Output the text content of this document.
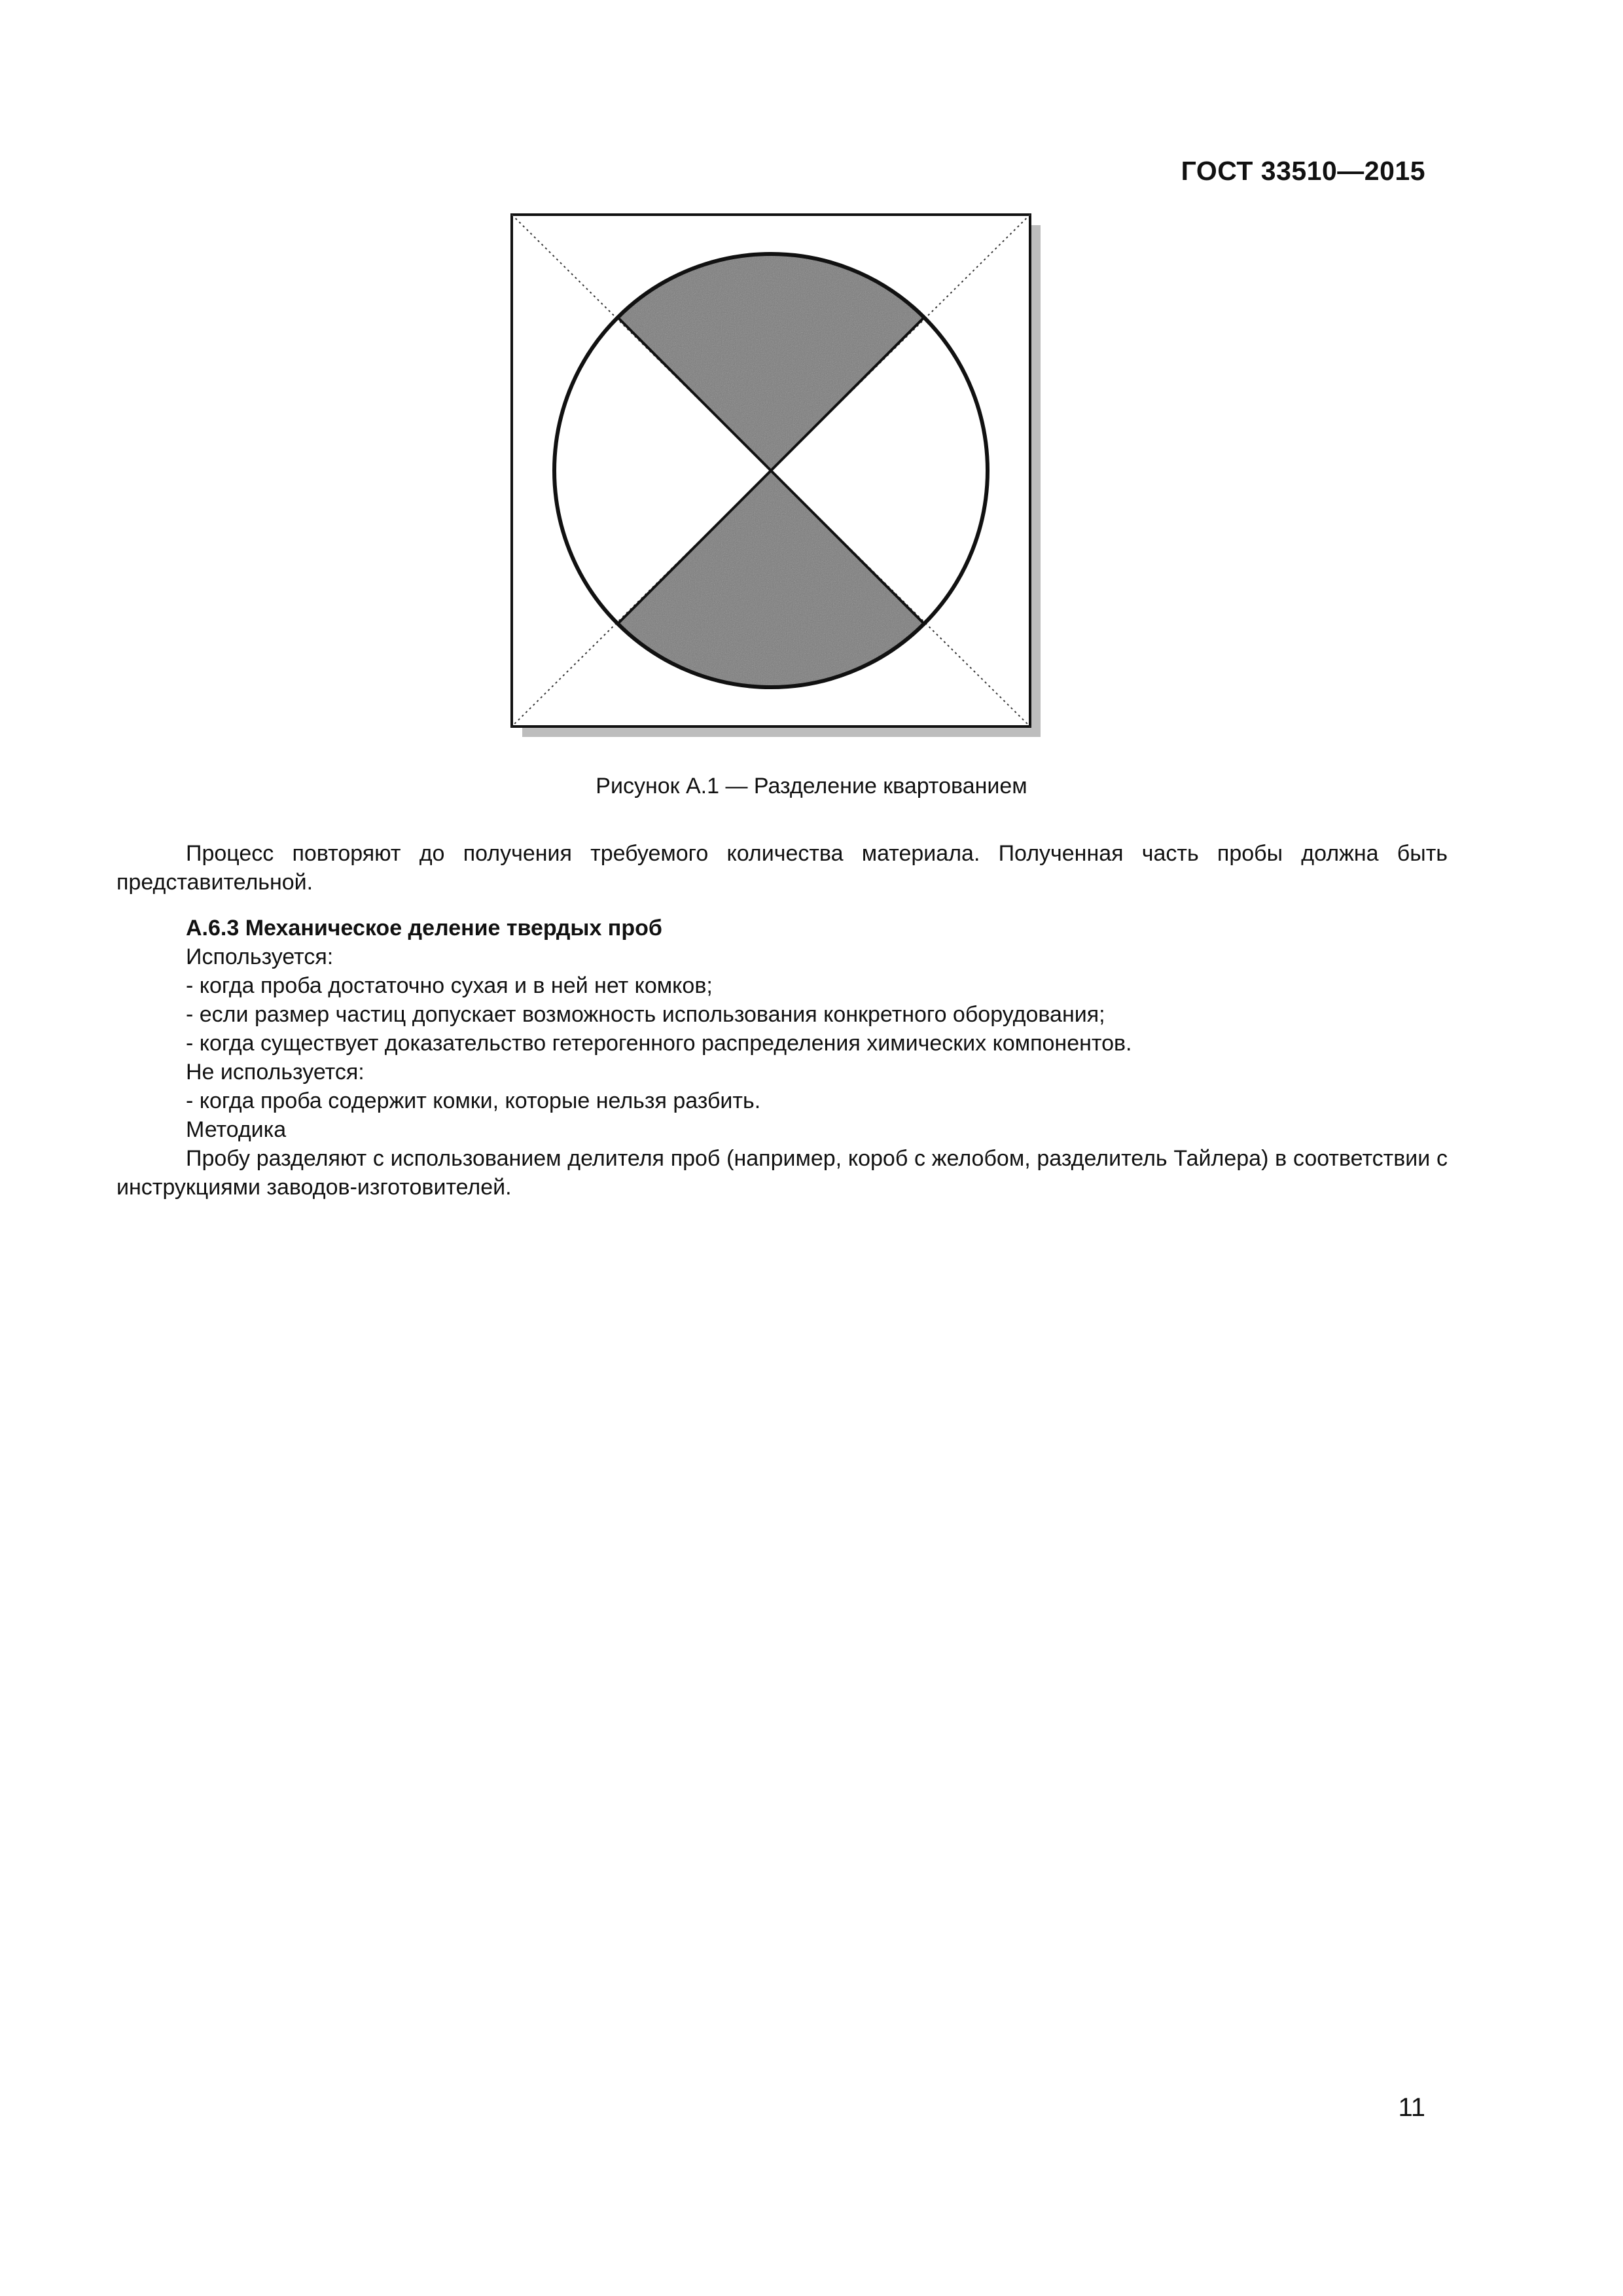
ГОСТ 33510—2015
Рисунок А.1 — Разделение квартованием

Процесс повторяют до получения требуемого количества материала. Полученная часть пробы должна быть представительной.

А.6.3 Механическое деление твердых проб

Используется:

- когда проба достаточно сухая и в ней нет комков;

- если размер частиц допускает возможность использования конкретного оборудования;

- когда существует доказательство гетерогенного распределения химических компонентов.

Не используется:

- когда проба содержит комки, которые нельзя разбить.

Методика

Пробу разделяют с использованием делителя проб (например, короб с желобом, разделитель Тайлера) в соответствии с инструкциями заводов-изготовителей.

11
